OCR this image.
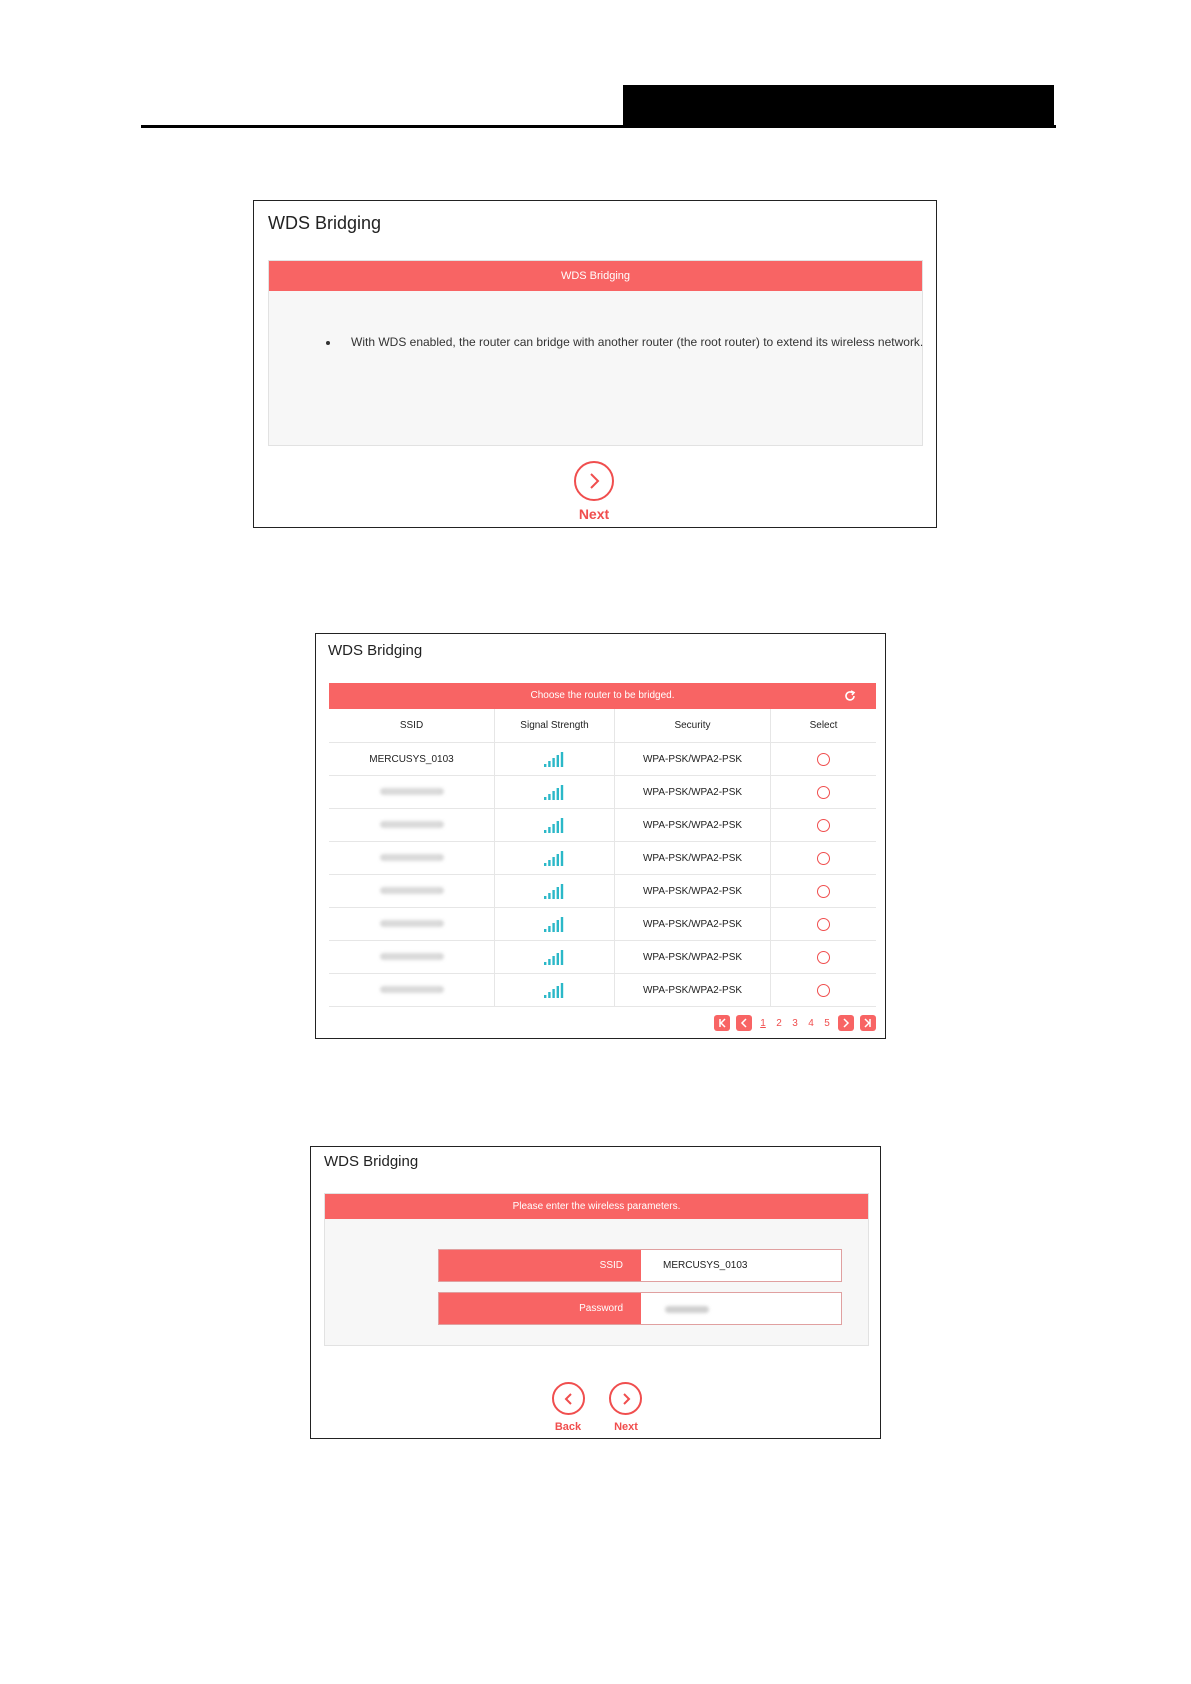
WDS Bridging
WDS Bridging
With WDS enabled, the router can bridge with another router (the root router) to extend its wireless network.
Next
WDS Bridging
Choose the router to be bridged.
SSID	Signal Strength	Security	Select
MERCUSYS_0103		WPA-PSK/WPA2-PSK	
		WPA-PSK/WPA2-PSK	
		WPA-PSK/WPA2-PSK	
		WPA-PSK/WPA2-PSK	
		WPA-PSK/WPA2-PSK	
		WPA-PSK/WPA2-PSK	
		WPA-PSK/WPA2-PSK	
		WPA-PSK/WPA2-PSK	
1 2 3 4 5
WDS Bridging
Please enter the wireless parameters.
SSID
MERCUSYS_0103
Password
Back	Next
